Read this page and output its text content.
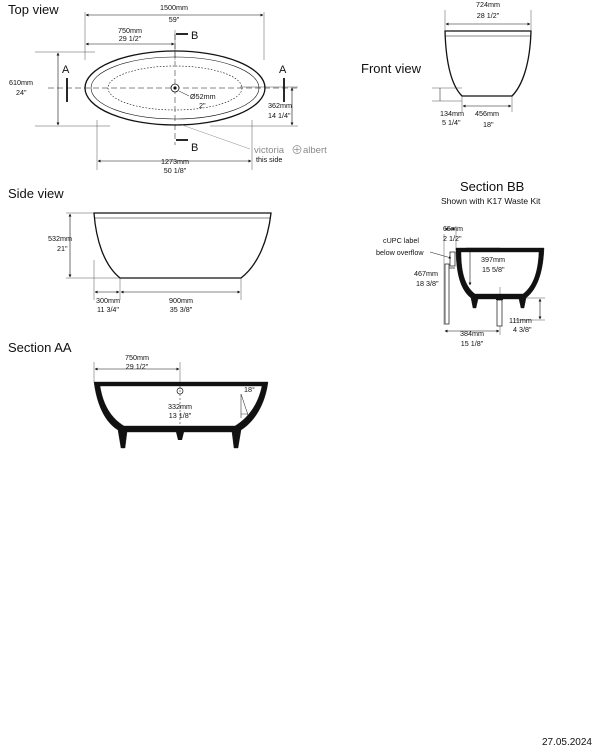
Top view
Front view
Side view
Section AA
Section BB
Shown with K17 Waste Kit
1500mm
59"
750mm
29 1/2"
610mm
24"	Ø52mm
2"	362mm
14 1/4"
1273mm
50 1/8"
A	A
B
B	victoria albert
this side
724mm
28 1/2"
134mm
5 1/4"
456mm
18"
532mm
21"
300mm
11 3/4"
900mm
35 3/8"
750mm
29 1/2"
332mm
13 1/8"
18°
65mm
2 1/2"
cUPC label
below overflow
397mm
15 5/8"
467mm
18 3/8"
111mm
4 3/8"
384mm
15 1/8"
27.05.2024
